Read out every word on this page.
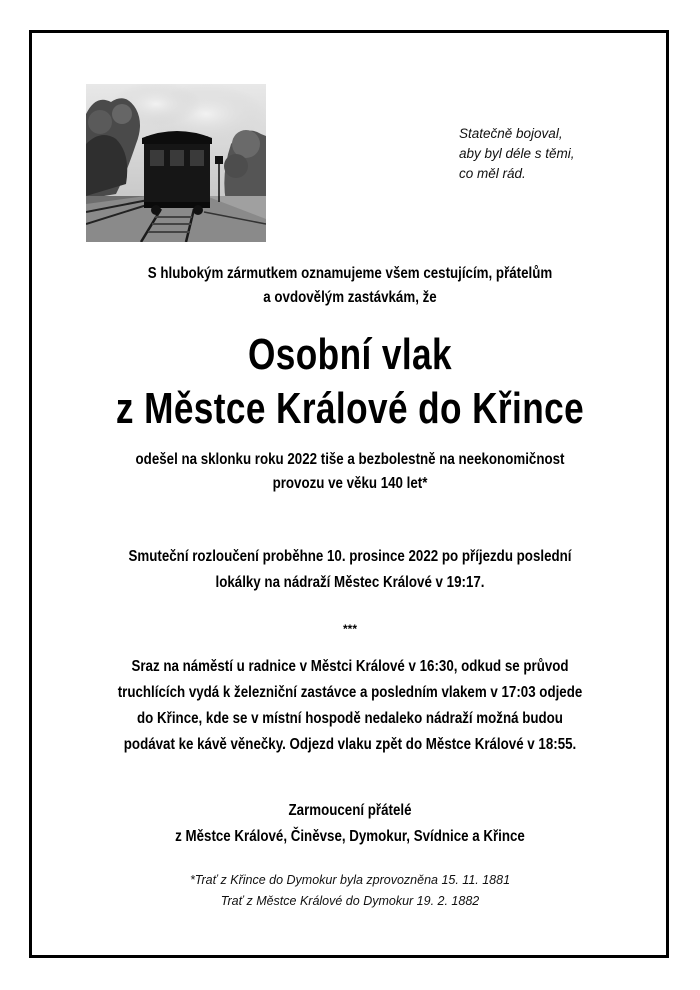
Statečně bojoval,
aby byl déle s těmi,
co měl rád.
S hlubokým zármutkem oznamujeme všem cestujícím, přátelům
a ovdovělým zastávkám, že
Osobní vlak
z Městce Králové do Křince
odešel na sklonku roku 2022 tiše a bezbolestně na neekonomičnost
provozu ve věku 140 let*
Smuteční rozloučení proběhne 10. prosince 2022 po příjezdu poslední
lokálky na nádraží Městec Králové v 19:17.
***
Sraz na náměstí u radnice v Městci Králové v 16:30, odkud se průvod
truchlících vydá k železniční zastávce a posledním vlakem v 17:03 odjede
do Křince, kde se v místní hospodě nedaleko nádraží možná budou
podávat ke kávě věnečky. Odjezd vlaku zpět do Městce Králové v 18:55.
Zarmoucení přátelé
z Městce Králové, Činěvse, Dymokur, Svídnice a Křince
*Trať z Křince do Dymokur byla zprovozněna 15. 11. 1881
Trať z Městce Králové do Dymokur 19. 2. 1882
